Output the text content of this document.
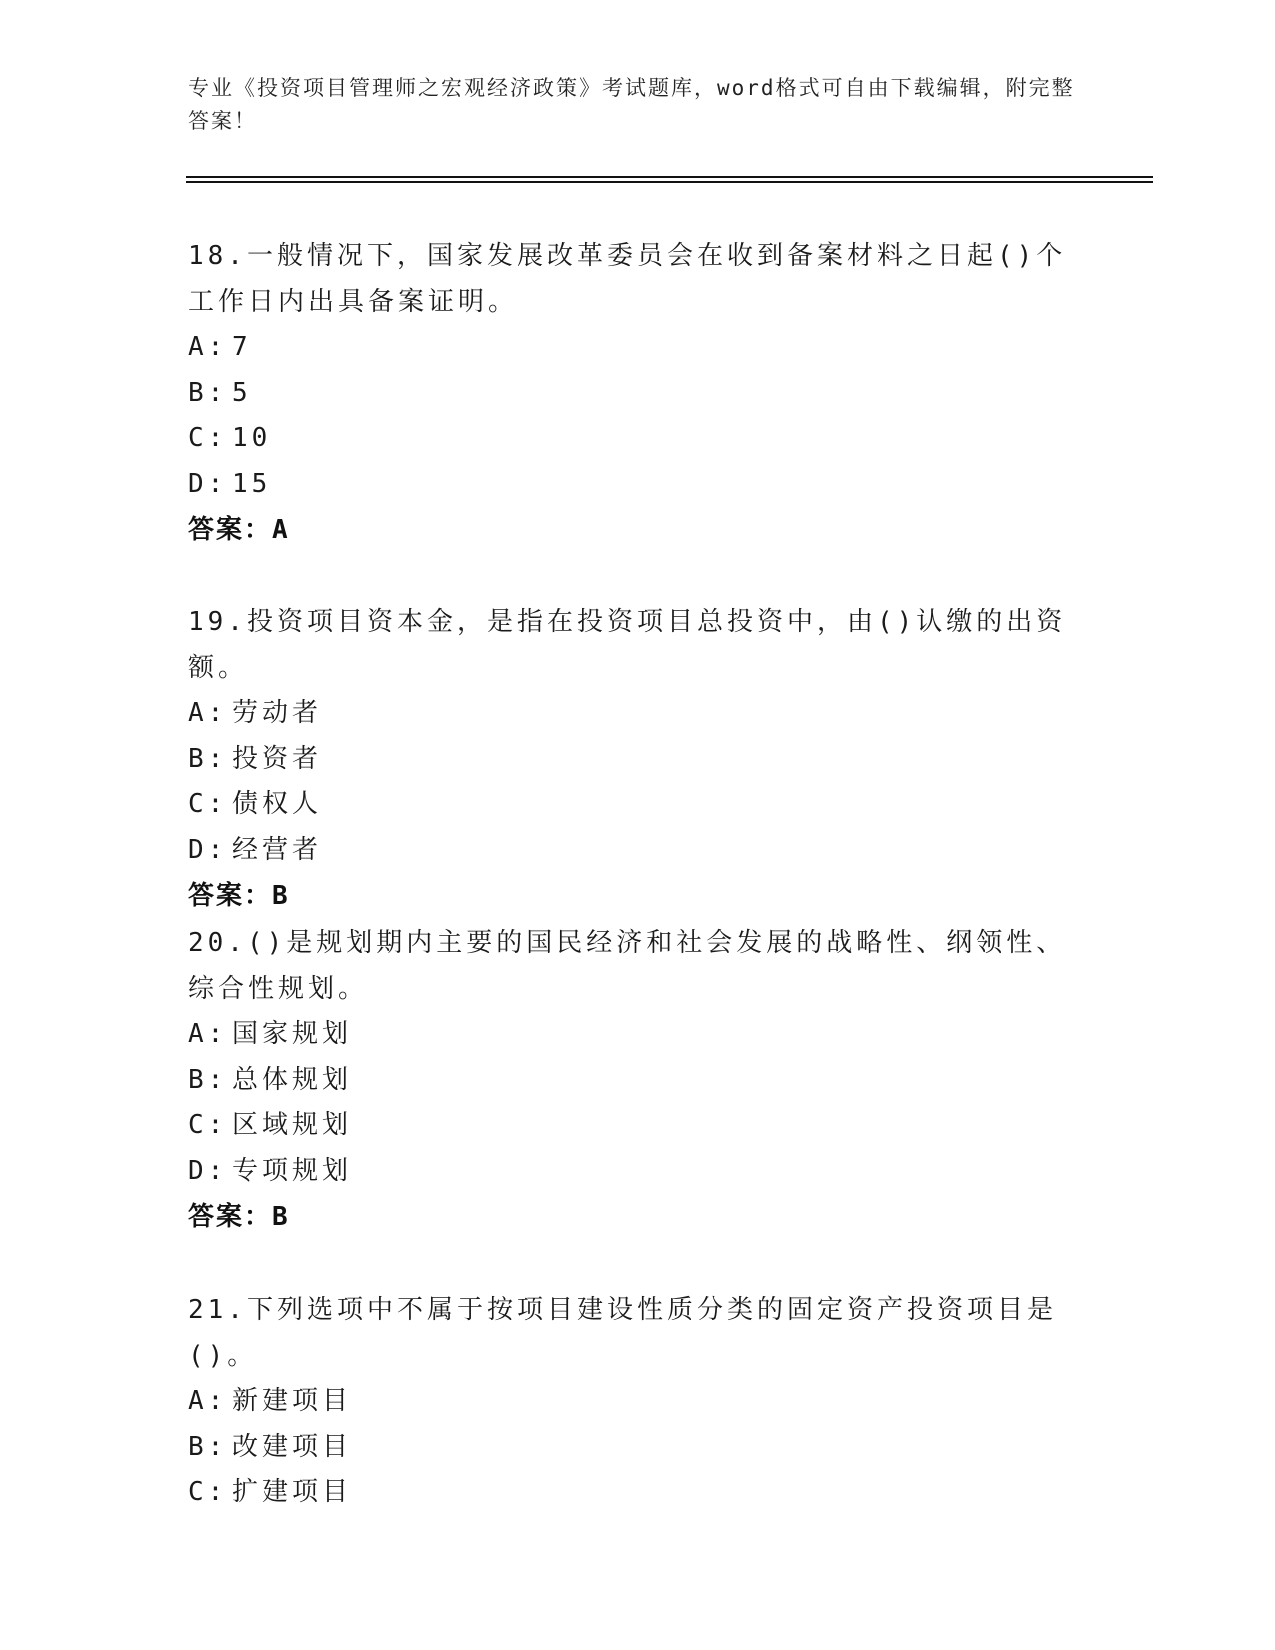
专业《投资项目管理师之宏观经济政策》考试题库，word格式可自由下载编辑，附完整答案！
18.一般情况下，国家发展改革委员会在收到备案材料之日起()个工作日内出具备案证明。
A: 7
B: 5
C: 10
D: 15
答案：A
19.投资项目资本金，是指在投资项目总投资中，由()认缴的出资额。
A: 劳动者
B: 投资者
C: 债权人
D: 经营者
答案：B
20.()是规划期内主要的国民经济和社会发展的战略性、纲领性、综合性规划。
A: 国家规划
B: 总体规划
C: 区域规划
D: 专项规划
答案：B
21.下列选项中不属于按项目建设性质分类的固定资产投资项目是()。
A: 新建项目
B: 改建项目
C: 扩建项目
